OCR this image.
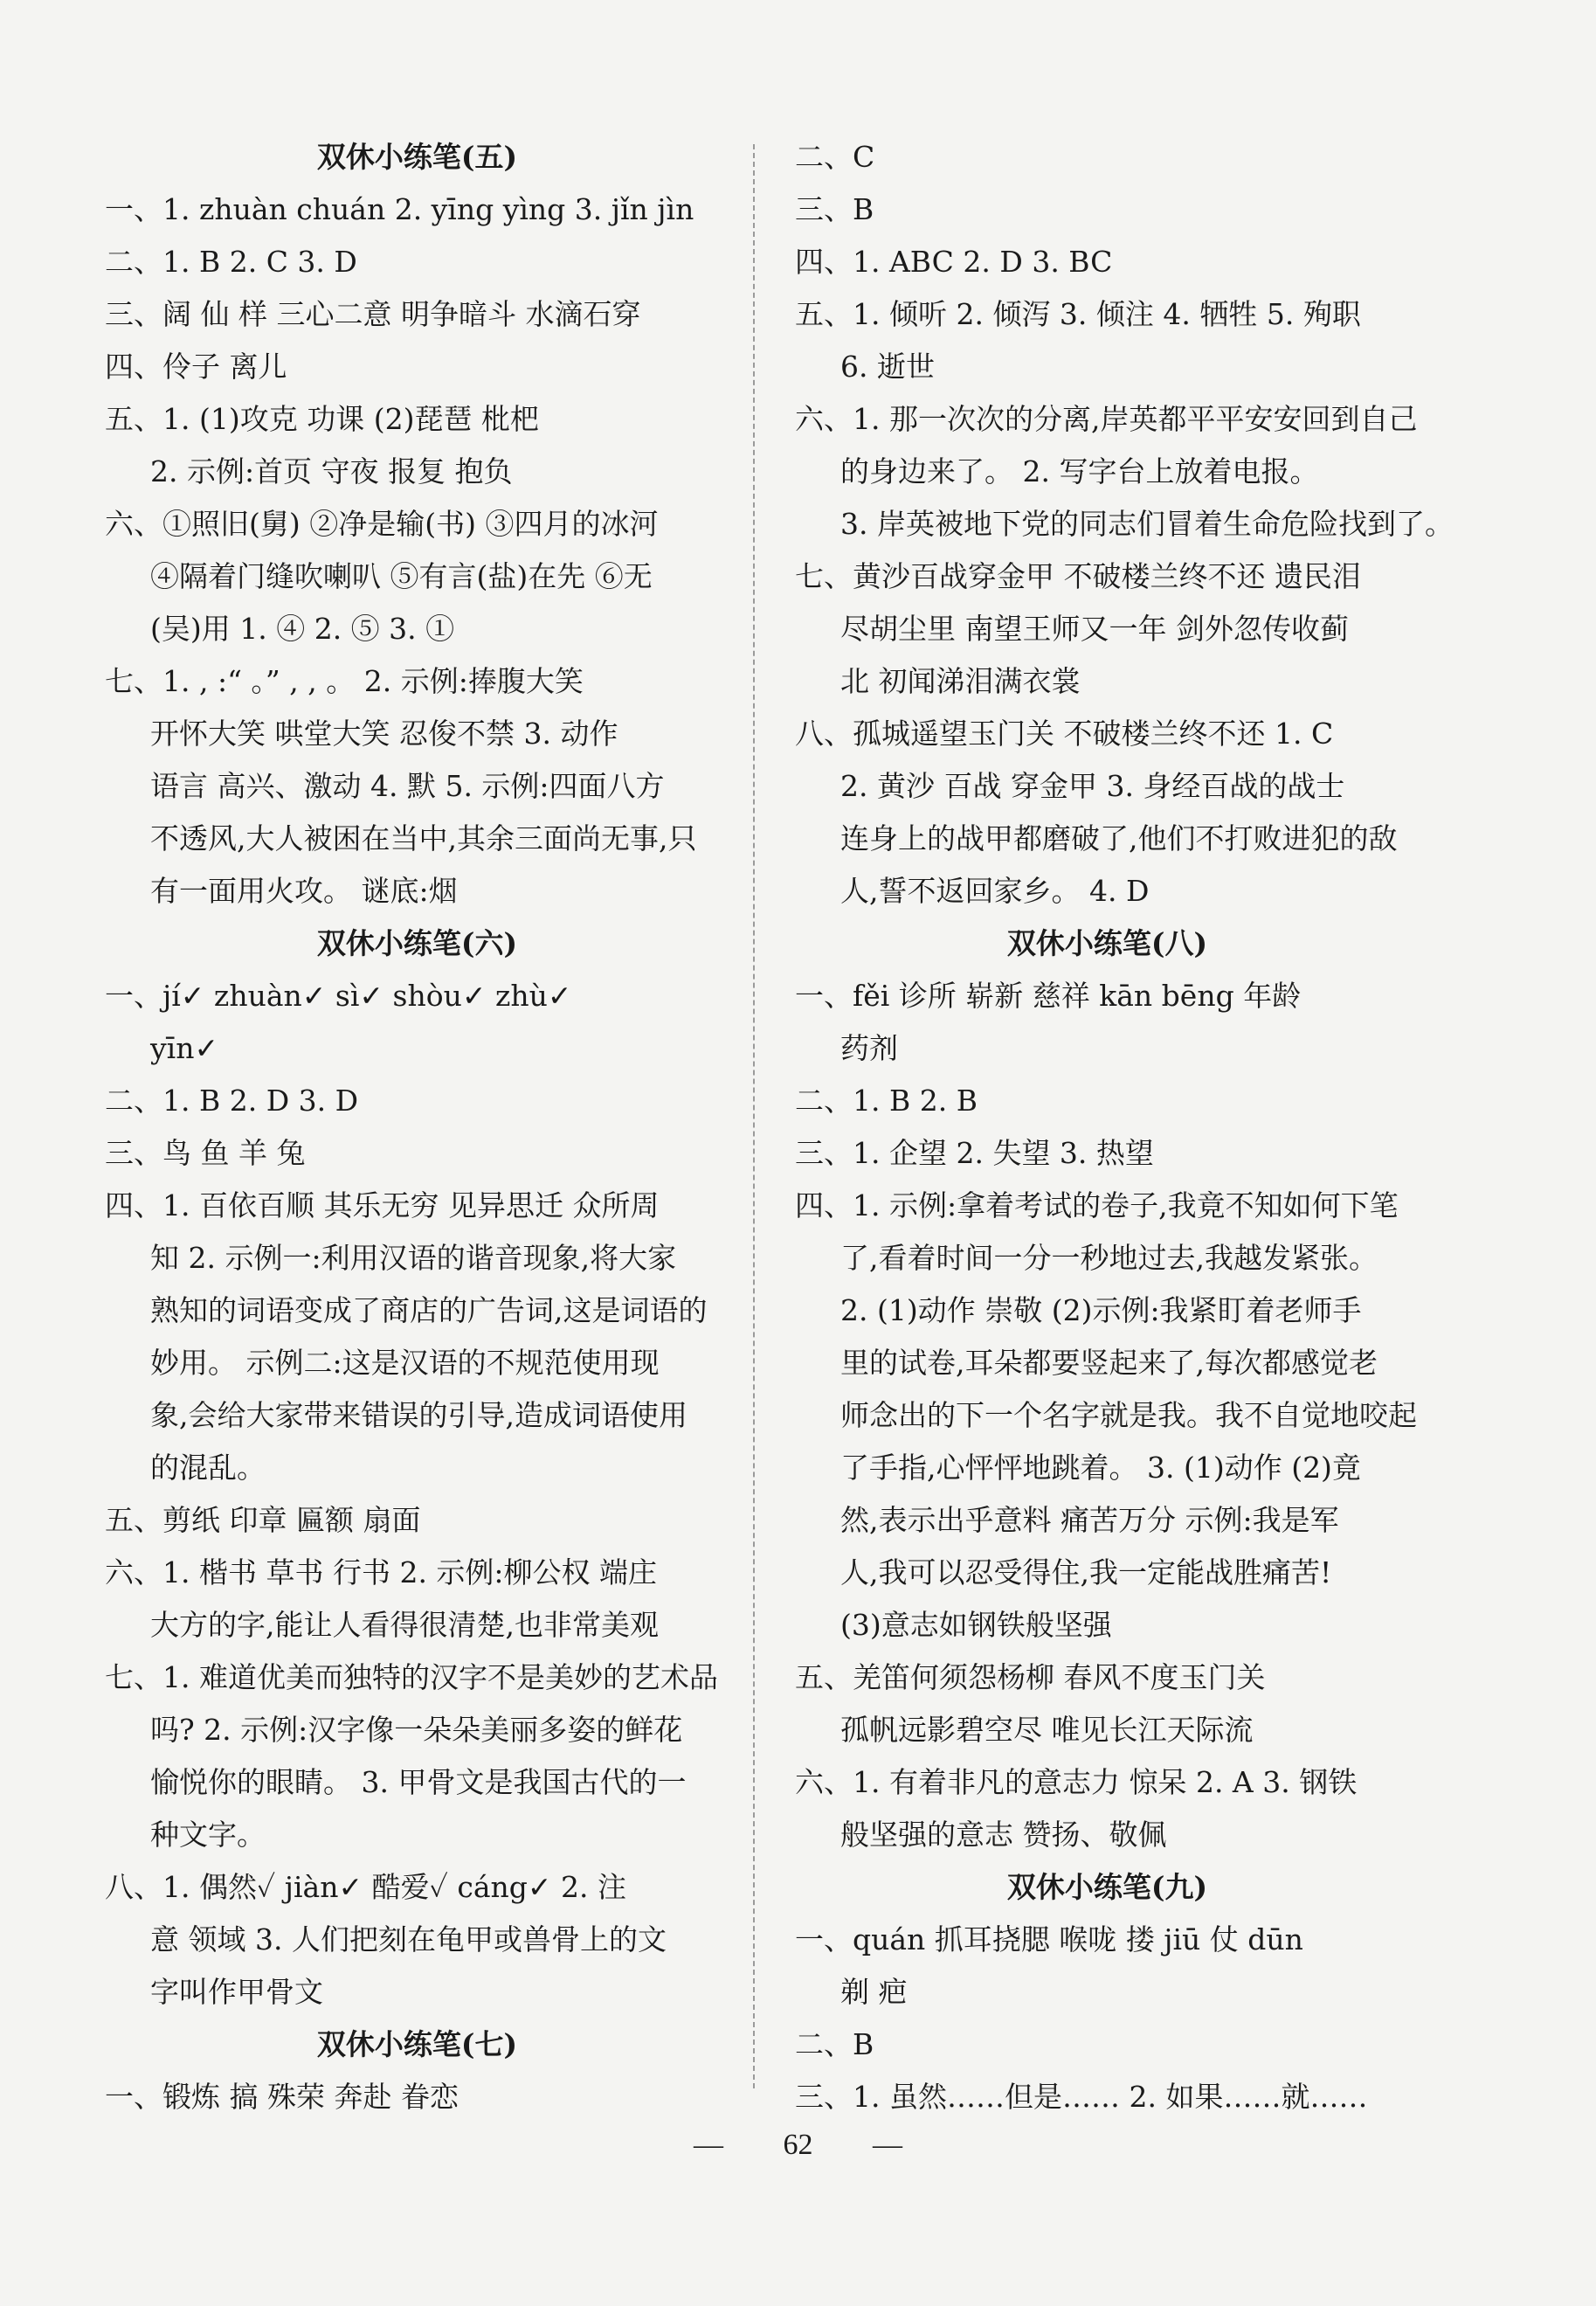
双休小练笔(五)
一、1. zhuàn chuán 2. yīng yìng 3. jǐn jìn
二、1. B 2. C 3. D
三、阔 仙 样 三心二意 明争暗斗 水滴石穿
四、伶子 离儿
五、1. (1)攻克 功课 (2)琵琶 枇杷
2. 示例:首页 守夜 报复 抱负
六、①照旧(舅) ②净是输(书) ③四月的冰河
④隔着门缝吹喇叭 ⑤有言(盐)在先 ⑥无
(吴)用 1. ④ 2. ⑤ 3. ①
七、1. , :“ 。” , , 。 2. 示例:捧腹大笑
开怀大笑 哄堂大笑 忍俊不禁 3. 动作
语言 高兴、激动 4. 默 5. 示例:四面八方
不透风,大人被困在当中,其余三面尚无事,只
有一面用火攻。 谜底:烟
双休小练笔(六)
一、jí✓ zhuàn✓ sì✓ shòu✓ zhù✓
yīn✓
二、1. B 2. D 3. D
三、鸟 鱼 羊 兔
四、1. 百依百顺 其乐无穷 见异思迁 众所周
知 2. 示例一:利用汉语的谐音现象,将大家
熟知的词语变成了商店的广告词,这是词语的
妙用。 示例二:这是汉语的不规范使用现
象,会给大家带来错误的引导,造成词语使用
的混乱。
五、剪纸 印章 匾额 扇面
六、1. 楷书 草书 行书 2. 示例:柳公权 端庄
大方的字,能让人看得很清楚,也非常美观
七、1. 难道优美而独特的汉字不是美妙的艺术品
吗? 2. 示例:汉字像一朵朵美丽多姿的鲜花
愉悦你的眼睛。 3. 甲骨文是我国古代的一
种文字。
八、1. 偶然✓ jiàn✓ 酷爱✓ cáng✓ 2. 注
意 领域 3. 人们把刻在龟甲或兽骨上的文
字叫作甲骨文
双休小练笔(七)
一、锻炼 搞 殊荣 奔赴 眷恋
二、C
三、B
四、1. ABC 2. D 3. BC
五、1. 倾听 2. 倾泻 3. 倾注 4. 牺牲 5. 殉职
6. 逝世
六、1. 那一次次的分离,岸英都平平安安回到自己
的身边来了。 2. 写字台上放着电报。
3. 岸英被地下党的同志们冒着生命危险找到了。
七、黄沙百战穿金甲 不破楼兰终不还 遗民泪
尽胡尘里 南望王师又一年 剑外忽传收蓟
北 初闻涕泪满衣裳
八、孤城遥望玉门关 不破楼兰终不还 1. C
2. 黄沙 百战 穿金甲 3. 身经百战的战士
连身上的战甲都磨破了,他们不打败进犯的敌
人,誓不返回家乡。 4. D
双休小练笔(八)
一、fěi 诊所 崭新 慈祥 kān bēng 年龄
药剂
二、1. B 2. B
三、1. 企望 2. 失望 3. 热望
四、1. 示例:拿着考试的卷子,我竟不知如何下笔
了,看着时间一分一秒地过去,我越发紧张。
2. (1)动作 崇敬 (2)示例:我紧盯着老师手
里的试卷,耳朵都要竖起来了,每次都感觉老
师念出的下一个名字就是我。我不自觉地咬起
了手指,心怦怦地跳着。 3. (1)动作 (2)竟
然,表示出乎意料 痛苦万分 示例:我是军
人,我可以忍受得住,我一定能战胜痛苦!
(3)意志如钢铁般坚强
五、羌笛何须怨杨柳 春风不度玉门关
孤帆远影碧空尽 唯见长江天际流
六、1. 有着非凡的意志力 惊呆 2. A 3. 钢铁
般坚强的意志 赞扬、敬佩
双休小练笔(九)
一、quán 抓耳挠腮 喉咙 搂 jiū 仗 dūn
剃 疤
二、B
三、1. 虽然……但是…… 2. 如果……就……
— 62 —
